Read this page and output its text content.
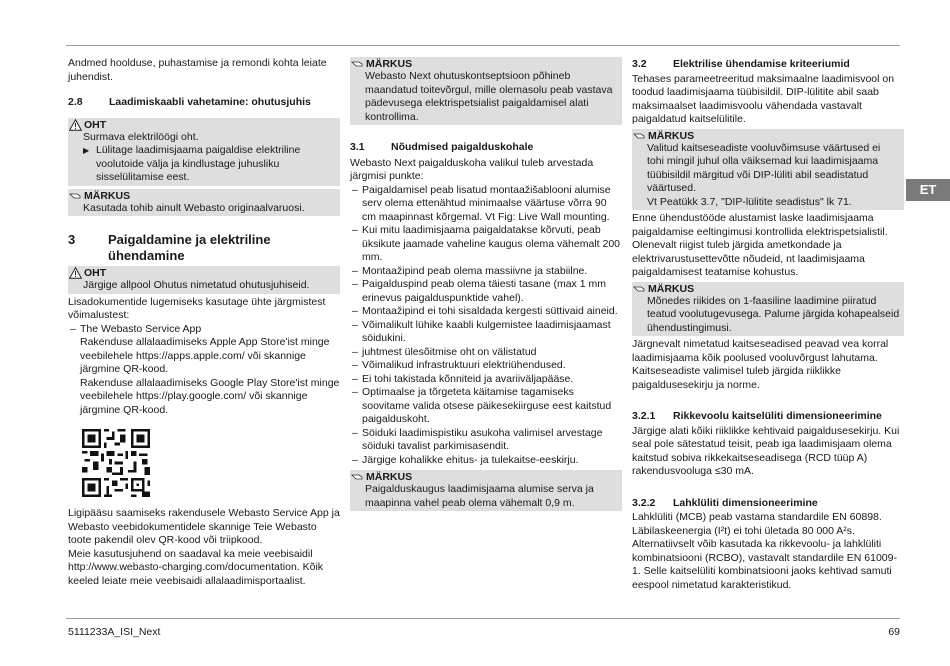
Andmed hoolduse, puhastamise ja remondi kohta leiate juhendist.

2.8	Laadimiskaabli vahetamine: ohutusjuhis
OHT

Surmava elektrilöögi oht.

▶ Lülitage laadimisjaama paigaldise elektriline voolutoide välja ja kindlustage juhusliku sisselülitamise eest.
MÄRKUS

Kasutada tohib ainult Webasto originaalvaruosi.

3	Paigaldamine ja elektriline ühendamine
OHT

Järgige allpool Ohutus nimetatud ohutusjuhiseid.

Lisadokumentide lugemiseks kasutage ühte järgmistest võimalustest:

– The Webasto Service App

Rakenduse allalaadimiseks Apple App Store'ist minge veebilehele https://apps.apple.com/ või skannige järgmine QR-kood.

Rakenduse allalaadimiseks Google Play Store'ist minge veebilehele https://play.google.com/ või skannige järgmine QR-kood.

Ligipääsu saamiseks rakendusele Webasto Service App ja Webasto veebidokumentidele skannige Teie Webasto toote pakendil olev QR-kood või triipkood.

Meie kasutusjuhend on saadaval ka meie veebisaidil http://www.webasto-charging.com/documentation. Kõik keeled leiate meie veebisaidi allalaadimisportaalist.

MÄRKUS

Webasto Next ohutuskontseptsioon põhineb maandatud toitevõrgul, mille olemasolu peab vastava pädevusega elektrispetsialist paigaldamisel alati kontrollima.

3.1	Nõudmised paigalduskohale

Webasto Next paigalduskoha valikul tuleb arvestada järgmisi punkte:

– Paigaldamisel peab lisatud montaažišablooni alumise serv olema ettenähtud minimaalse väärtuse võrra 90 cm maapinnast kõrgemal. Vt Fig: Live Wall mounting.
– Kui mitu laadimisjaama paigaldatakse kõrvuti, peab üksikute jaamade vaheline kaugus olema vähemalt 200 mm.
– Montaažipind peab olema massiivne ja stabiilne.
– Paigalduspind peab olema täiesti tasane (max 1 mm erinevus paigalduspunktide vahel).
– Montaažipind ei tohi sisaldada kergesti süttivaid aineid.
– Võimalikult lühike kaabli kulgemistee laadimisjaamast söidukini.
– juhtmest ülesõitmise oht on välistatud
– Võimalikud infrastruktuuri elektriühendused.
– Ei tohi takistada kõnniteid ja avariiväljapääse.
– Optimaalse ja tõrgeteta käitamise tagamiseks soovitame valida otsese päikesekiirguse eest kaitstud paigalduskoht.
– Söiduki laadimispistiku asukoha valimisel arvestage söiduki tavalist parkimisasendit.
– Järgige kohalikke ehitus- ja tulekaitse-eeskirju.
MÄRKUS

Paigalduskaugus laadimisjaama alumise serva ja maapinna vahel peab olema vähemalt 0,9 m.

3.2	Elektrilise ühendamise kriteeriumid

Tehases parameetreeritud maksimaalne laadimisvool on toodud laadimisjaama tüübisildil. DIP-lülitite abil saab maksimaalset laadimisvoolu vähendada vastavalt paigaldatud kaitselülitile.

MÄRKUS

Valitud kaitseseadiste vooluvõimsuse väärtused ei tohi mingil juhul olla väiksemad kui laadimisjaama tüübisildil märgitud või DIP-lüliti abil seadistatud väärtused.

Vt Peatükk 3.7, "DIP-lülitite seadistus" lk 71.

Enne ühendustööde alustamist laske laadimisjaama paigaldamise eeltingimusi kontrollida elektrispetsialistil. Olenevalt riigist tuleb järgida ametkondade ja elektrivarustusettevõtte nõudeid, nt laadimisjaama paigaldamisest teatamise kohustus.

MÄRKUS

Mõnedes riikides on 1-faasiline laadimine piiratud teatud voolutugevusega. Palume järgida kohapealseid ühendustingimusi.

Järgnevalt nimetatud kaitseseadised peavad vea korral laadimisjaama kõik poolused vooluvõrgust lahutama. Kaitseseadiste valimisel tuleb järgida riiklikke paigaldusesekirju ja norme.

3.2.1	Rikkevoolu kaitselüliti dimensioneerimine

Järgige alati kõiki riiklikke kehtivaid paigaldusesekirju. Kui seal pole sätestatud teisit, peab iga laadimisjaam olema kaitstud sobiva rikkekaitseseadisega (RCD tüüp A) rakendusvooluga ≤30 mA.

3.2.2	Lahklüliti dimensioneerimine

Lahklüliti (MCB) peab vastama standardile EN 60898. Läbilaskeenergia (I²t) ei tohi ületada 80 000 A²s. Alternatiivselt võib kasutada ka rikkevoolu- ja lahklüliti kombinatsiooni (RCBO), vastavalt standardile EN 61009-1. Selle kaitselüliti kombinatsiooni jaoks kehtivad samuti eespool nimetatud karakteristikud.

ET
5111233A_ISI_Next	69
